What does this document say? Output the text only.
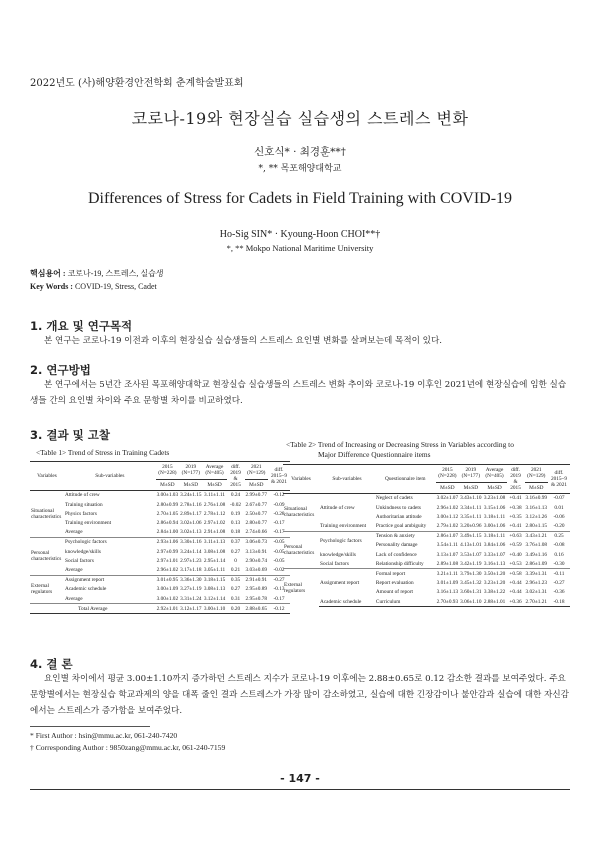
2022년도 (사)해양환경안전학회 춘계학술발표회
코로나-19와 현장실습 실습생의 스트레스 변화
신호식* · 최경훈**†
*, ** 목포해양대학교
Differences of Stress for Cadets in Field Training with COVID-19
Ho-Sig SIN* · Kyoung-Hoon CHOI**†
*, ** Mokpo National Maritime University
핵심용어 : 코로나-19, 스트레스, 실습생
Key Words : COVID-19, Stress, Cadet
1. 개요 및 연구목적
본 연구는 코로나-19 이전과 이후의 현장실습 실습생들의 스트레스 요인별 변화를 살펴보는데 목적이 있다.
2. 연구방법
본 연구에서는 5년간 조사된 목포해양대학교 현장실습 실습생들의 스트레스 변화 추이와 코로나-19 이후인 2021년에 현장실습에 임한 실습생들 간의 요인별 차이와 주요 문항별 차이를 비교하였다.
3. 결과 및 고찰
<Table 1> Trend of Stress in Training Cadets
<Table 2> Trend of Increasing or Decreasing Stress in Variables according to
Major Difference Questionnaire items
Variables	Sub-variables	2015 (N=228)	2019 (N=177)	Average (N=405)	diff. 2019 & 2015	2021 (N=129)	diff. 2015~9 & 2021
		M±SD	M±SD	M±SD		M±SD	
Situational characteristics	Attitude of crew	3.00±1.03	3.24±1.15	3.11±1.11	0.24	2.99±0.77	-0.12
	Training situation	2.80±0.99	2.78±1.16	2.76±1.08	-0.02	2.67±0.77	-0.09
	Physics factors	2.70±1.05	2.89±1.17	2.78±1.12	0.19	2.50±0.77	-0.28
	Training environment	2.86±0.94	3.02±1.06	2.97±1.02	0.13	2.80±0.77	-0.17
	Average	2.84±1.00	3.02±1.13	2.91±1.08	0.18	2.74±0.66	-0.17
Personal characteristics	Psychologic factors	2.93±1.06	3.30±1.16	3.11±1.13	0.37	3.06±0.73	-0.05
	knowledge/skills	2.97±0.99	3.24±1.14	3.08±1.08	0.27	3.13±0.91	-0.05
	Social factors	2.97±1.01	2.97±1.23	2.95±1.14	0	2.90±0.74	-0.05
	Average	2.96±1.02	3.17±1.18	3.05±1.11	0.21	3.03±0.69	-0.02
External regulators	Assignment report	3.01±0.95	3.36±1.30	3.18±1.15	0.35	2.91±0.91	-0.27
	Academic schedule	3.00±1.09	3.27±1.19	3.08±1.13	0.27	2.95±0.89	-0.13
	Average	3.00±1.02	3.31±1.24	3.12±1.14	0.31	2.95±0.78	-0.17
Total Average		2.92±1.01	3.12±1.17	3.00±1.10	0.20	2.88±0.65	-0.12
Variables	Sub-variables	Questionnaire item	2015 (N=228)	2019 (N=177)	Average (N=405)	diff. 2019 & 2015	2021 (N=129)	diff. 2015~9 & 2021
			M±SD	M±SD	M±SD		M±SD	
Situational characteristics	Attitude of crew	Neglect of cadets	3.02±1.07	3.43±1.10	3.23±1.08	+0.41	3.16±0.99	-0.07
		Unkindness to cadets	2.96±1.02	3.34±1.11	3.15±1.06	+0.38	3.16±1.13	0.01
		Authoritarian attitude	3.00±1.12	3.35±1.11	3.18±1.11	+0.35	3.12±1.26	-0.06
	Training environment	Practice goal ambiguity	2.79±1.02	3.20±0.96	3.00±1.06	+0.41	2.80±1.15	-0.20
Personal characteristics	Psychologic factors	Tension & anxiety	2.86±1.07	3.49±1.15	3.18±1.11	+0.63	3.43±1.21	0.25
		Personality damage	3.54±1.11	4.13±1.01	3.84±1.06	+0.59	3.76±1.08	-0.08
	knowledge/skills	Lack of confidence	3.13±1.07	3.53±1.07	3.33±1.07	+0.40	3.49±1.16	0.16
	Social factors	Relationship difficulty	2.89±1.08	3.42±1.19	3.16±1.13	+0.53	2.86±1.09	-0.30
External regulators	Assignment report	Formal report	3.21±1.11	3.79±1.30	3.50±1.20	+0.58	3.39±1.31	-0.11
		Report evaluation	3.01±1.09	3.45±1.32	3.23±1.20	+0.44	2.96±1.23	-0.27
		Amount of report	3.16±1.13	3.60±1.31	3.38±1.22	+0.44	3.02±1.31	-0.36
	Academic schedule	Curriculum	2.70±0.93	3.06±1.10	2.88±1.01	+0.36	2.70±1.21	-0.18
4. 결 론
요인별 차이에서 평균 3.00±1.10까지 증가하던 스트레스 지수가 코로나-19 이후에는 2.88±0.65로 0.12 감소한 결과를 보여주었다. 주요 문항별에서는 현장실습 학교과제의 양을 대폭 줄인 결과 스트레스가 가장 많이 감소하였고, 실습에 대한 긴장감이나 불안감과 실습에 대한 자신감에서는 스트레스가 증가함을 보여주었다.
* First Author : hsin@mmu.ac.kr, 061-240-7420
† Corresponding Author : 9850zang@mmu.ac.kr, 061-240-7159
- 147 -
